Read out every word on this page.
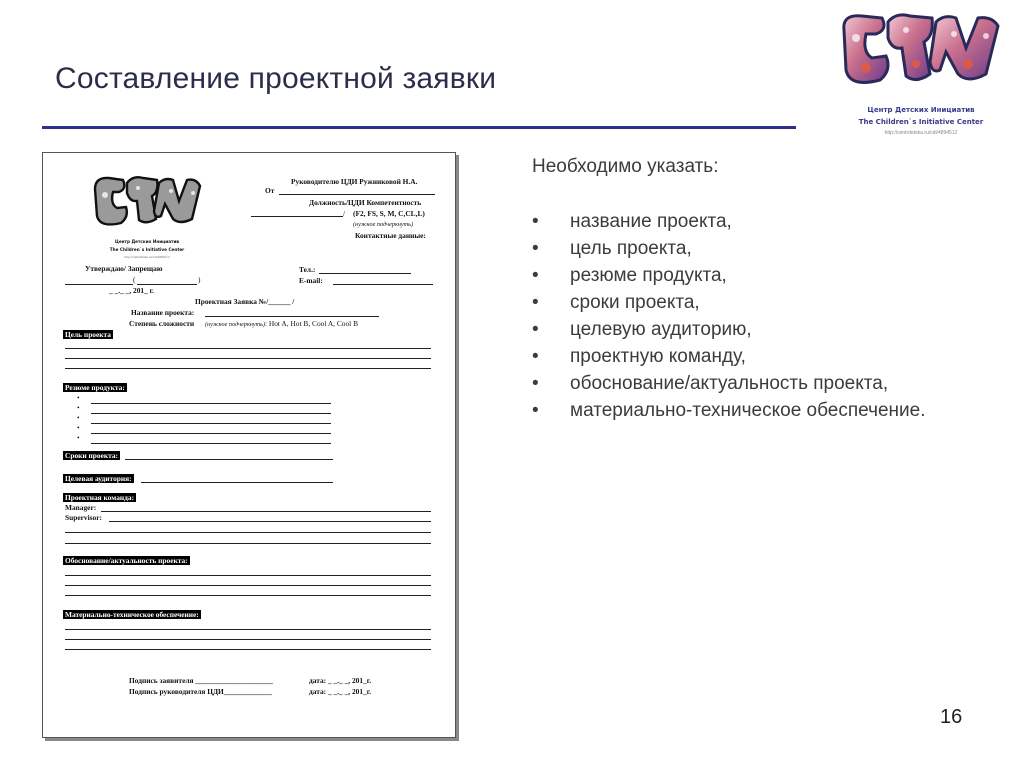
Составление проектной заявки
Центр Детских Инициатив
The Children`s Initiative Center
http://centrdetska.ru/cdi/4894512
Необходимо указать:
• название проекта,
• цель проекта,
• резюме продукта,
• сроки проекта,
• целевую аудиторию,
• проектную команду,
• обоснование/актуальность проекта,
• материально-техническое обеспечение.
16
Центр Детских Инициатив
The Children`s Initiative Center
http://centrdetska.ru/cdi/4894512
Руководителю ЦДИ Ружниковой Н.А.
От
Должность/ЦДИ Компетентность
/ (F2, FS, S, M, C,CL,L)
(нужное подчеркнуть)
Контактные данные:
Утверждаю/ Запрещаю
(	)
_ _._ _, 201_ г.
Тел.:
E-mail:
Проектная Заявка №/______ /
Название проекта:
Степень сложности (нужное подчеркнуть) : Hot A, Hot B, Cool A, Cool B
Цель проекта
Резюме продукта:
•
•
•
•
•
Сроки проекта:
Целевая аудитория:
Проектная команда:
Manager:
Supervisor:
Обоснование/актуальность проекта:
Материально-техническое обеспечение:
Подпись заявителя _____________________	дата: _ _._ _, 201_г.
Подпись руководителя ЦДИ_____________	дата: _ _._ _, 201_г.
